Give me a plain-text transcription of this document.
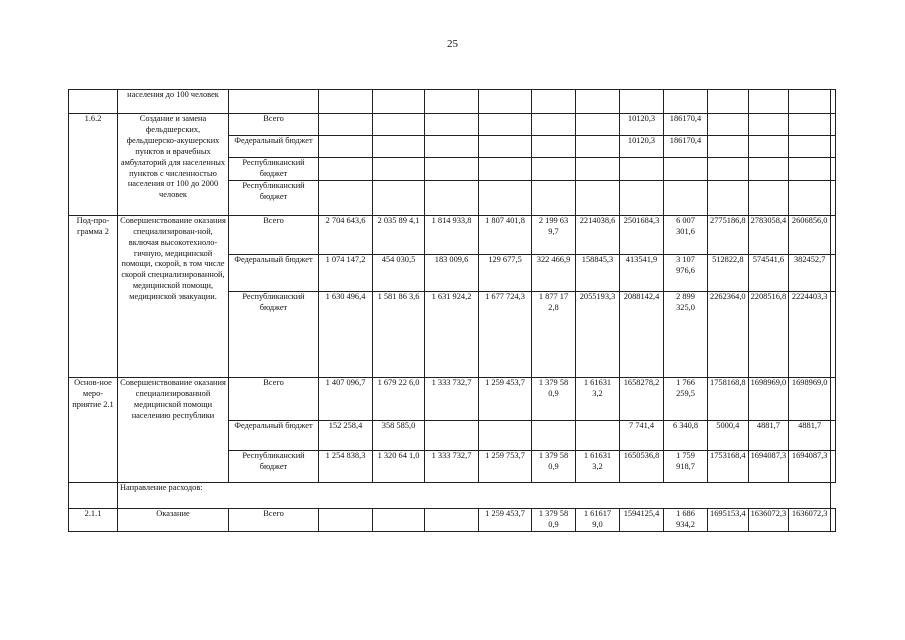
25
	населения до 100 человек													
1.6.2	Создание и замена фельдшерских, фельдшерско-акушерских пунктов и врачебных амбулаторий для населенных пунктов с численностью населения от 100 до 2000 человек	Всего							10120,3	186170,4				
		Федеральный бюджет							10120,3	186170,4				
		Республиканский бюджет												
		Республиканский бюджет												
Под-про-грамма 2	Совершенствование оказания специализирован-ной, включая высокотехноло-гичную, медицинской помощи, скорой, в том числе скорой специализированной, медицинской помощи, медицинской эвакуации.	Всего	2 704 643,6	2 035 89 4,1	1 814 933,8	1 807 401,8	2 199 63 9,7	2214038,6	2501684,3	6 007 301,6	2775186,8	2783058,4	2606856,0	
		Федеральный бюджет	1 074 147,2	454 030,5	183 009,6	129 677,5	322 466,9	158845,3	413541,9	3 107 976,6	512822,8	574541,6	382452,7	
		Республиканский бюджет	1 630 496,4	1 581 86 3,6	1 631 924,2	1 677 724,3	1 877 17 2,8	2055193,3	2088142,4	2 899 325,0	2262364,0	2208516,8	2224403,3	
Основ-ное меро-приятие 2.1	Совершенствование оказания специализированной медицинской помощи населению республики	Всего	1 407 096,7	1 679 22 6,0	1 333 732,7	1 259 453,7	1 379 58 0,9	1 61631 3,2	1658278,2	1 766 259,5	1758168,8	1698969,0	1698969,0	
		Федеральный бюджет	152 258,4	358 585,0					7 741,4	6 340,8	5000,4	4881,7	4881,7	
		Республиканский бюджет	1 254 838,3	1 320 64 1,0	1 333 732,7	1 259 753,7	1 379 58 0,9	1 61631 3,2	1650536,8	1 759 918,7	1753168,4	1694087,3	1694087,3	
	Направление расходов:													
2.1.1	Оказание	Всего				1 259 453,7	1 379 58 0,9	1 61617 9,0	1594125,4	1 686 934,2	1695153,4	1636072,3	1636072,3	
